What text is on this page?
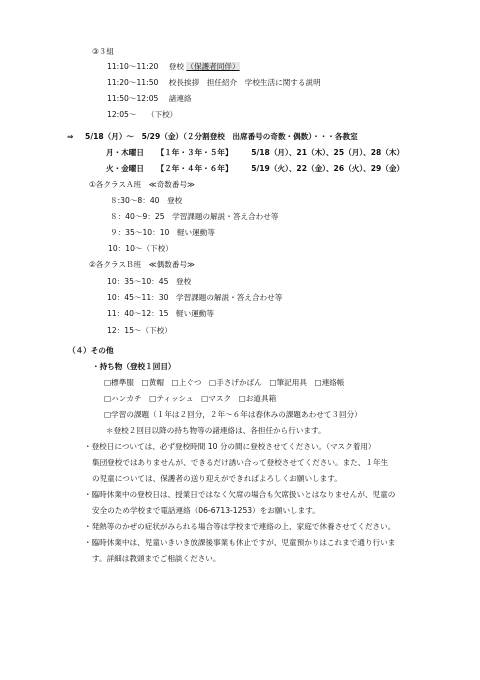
③３組
11:10～11:20 登校 （保護者同伴）
11:20～11:50 校長挨拶　担任紹介　学校生活に関する説明
11:50～12:05 諸連絡
12:05～ （下校）
⇒ 5/18（月）～　5/29（金）（２分割登校　出席番号の奇数・偶数）・・・各教室
月・木曜日 【１年・３年・５年】 5/18（月）、21（木）、25（月）、28（木）
火・金曜日 【２年・４年・６年】 5/19（火）、22（金）、26（火）、29（金）
①各クラスＡ班　≪奇数番号≫
８:30～8：40　登校
８：40～9：25　学習課題の解説・答え合わせ等
９：35～10：10　軽い運動等
10：10～（下校）
②各クラスＢ班　≪偶数番号≫
10：35～10：45　登校
10：45～11：30　学習課題の解説・答え合わせ等
11：40～12：15　軽い運動等
12：15～（下校）
（４）その他
・持ち物（登校１回目）
□標準服　□黄帽　□上ぐつ　□手さげかばん　□筆記用具　□連絡帳
□ハンカチ　□ティッシュ　□マスク　□お道具箱
□学習の課題（１年は２回分，２年～６年は春休みの課題あわせて３回分）
＊登校２回目以降の持ち物等の諸連絡は、各担任から行います。
・登校日については、必ず登校時間 10 分の間に登校させてください。（マスク着用）
集団登校ではありませんが、できるだけ誘い合って登校させてください。また、１年生
の児童については、保護者の送り迎えができればよろしくお願いします。
・臨時休業中の登校日は、授業日ではなく欠席の場合も欠席扱いとはなりませんが、児童の
安全のため学校まで電話連絡（06-6713-1253）をお願いします。
・発熱等のかぜの症状がみられる場合等は学校まで連絡の上、家庭で休養させてください。
・臨時休業中は、児童いきいき放課後事業も休止ですが、児童預かりはこれまで通り行いま
す。詳細は教頭までご相談ください。
